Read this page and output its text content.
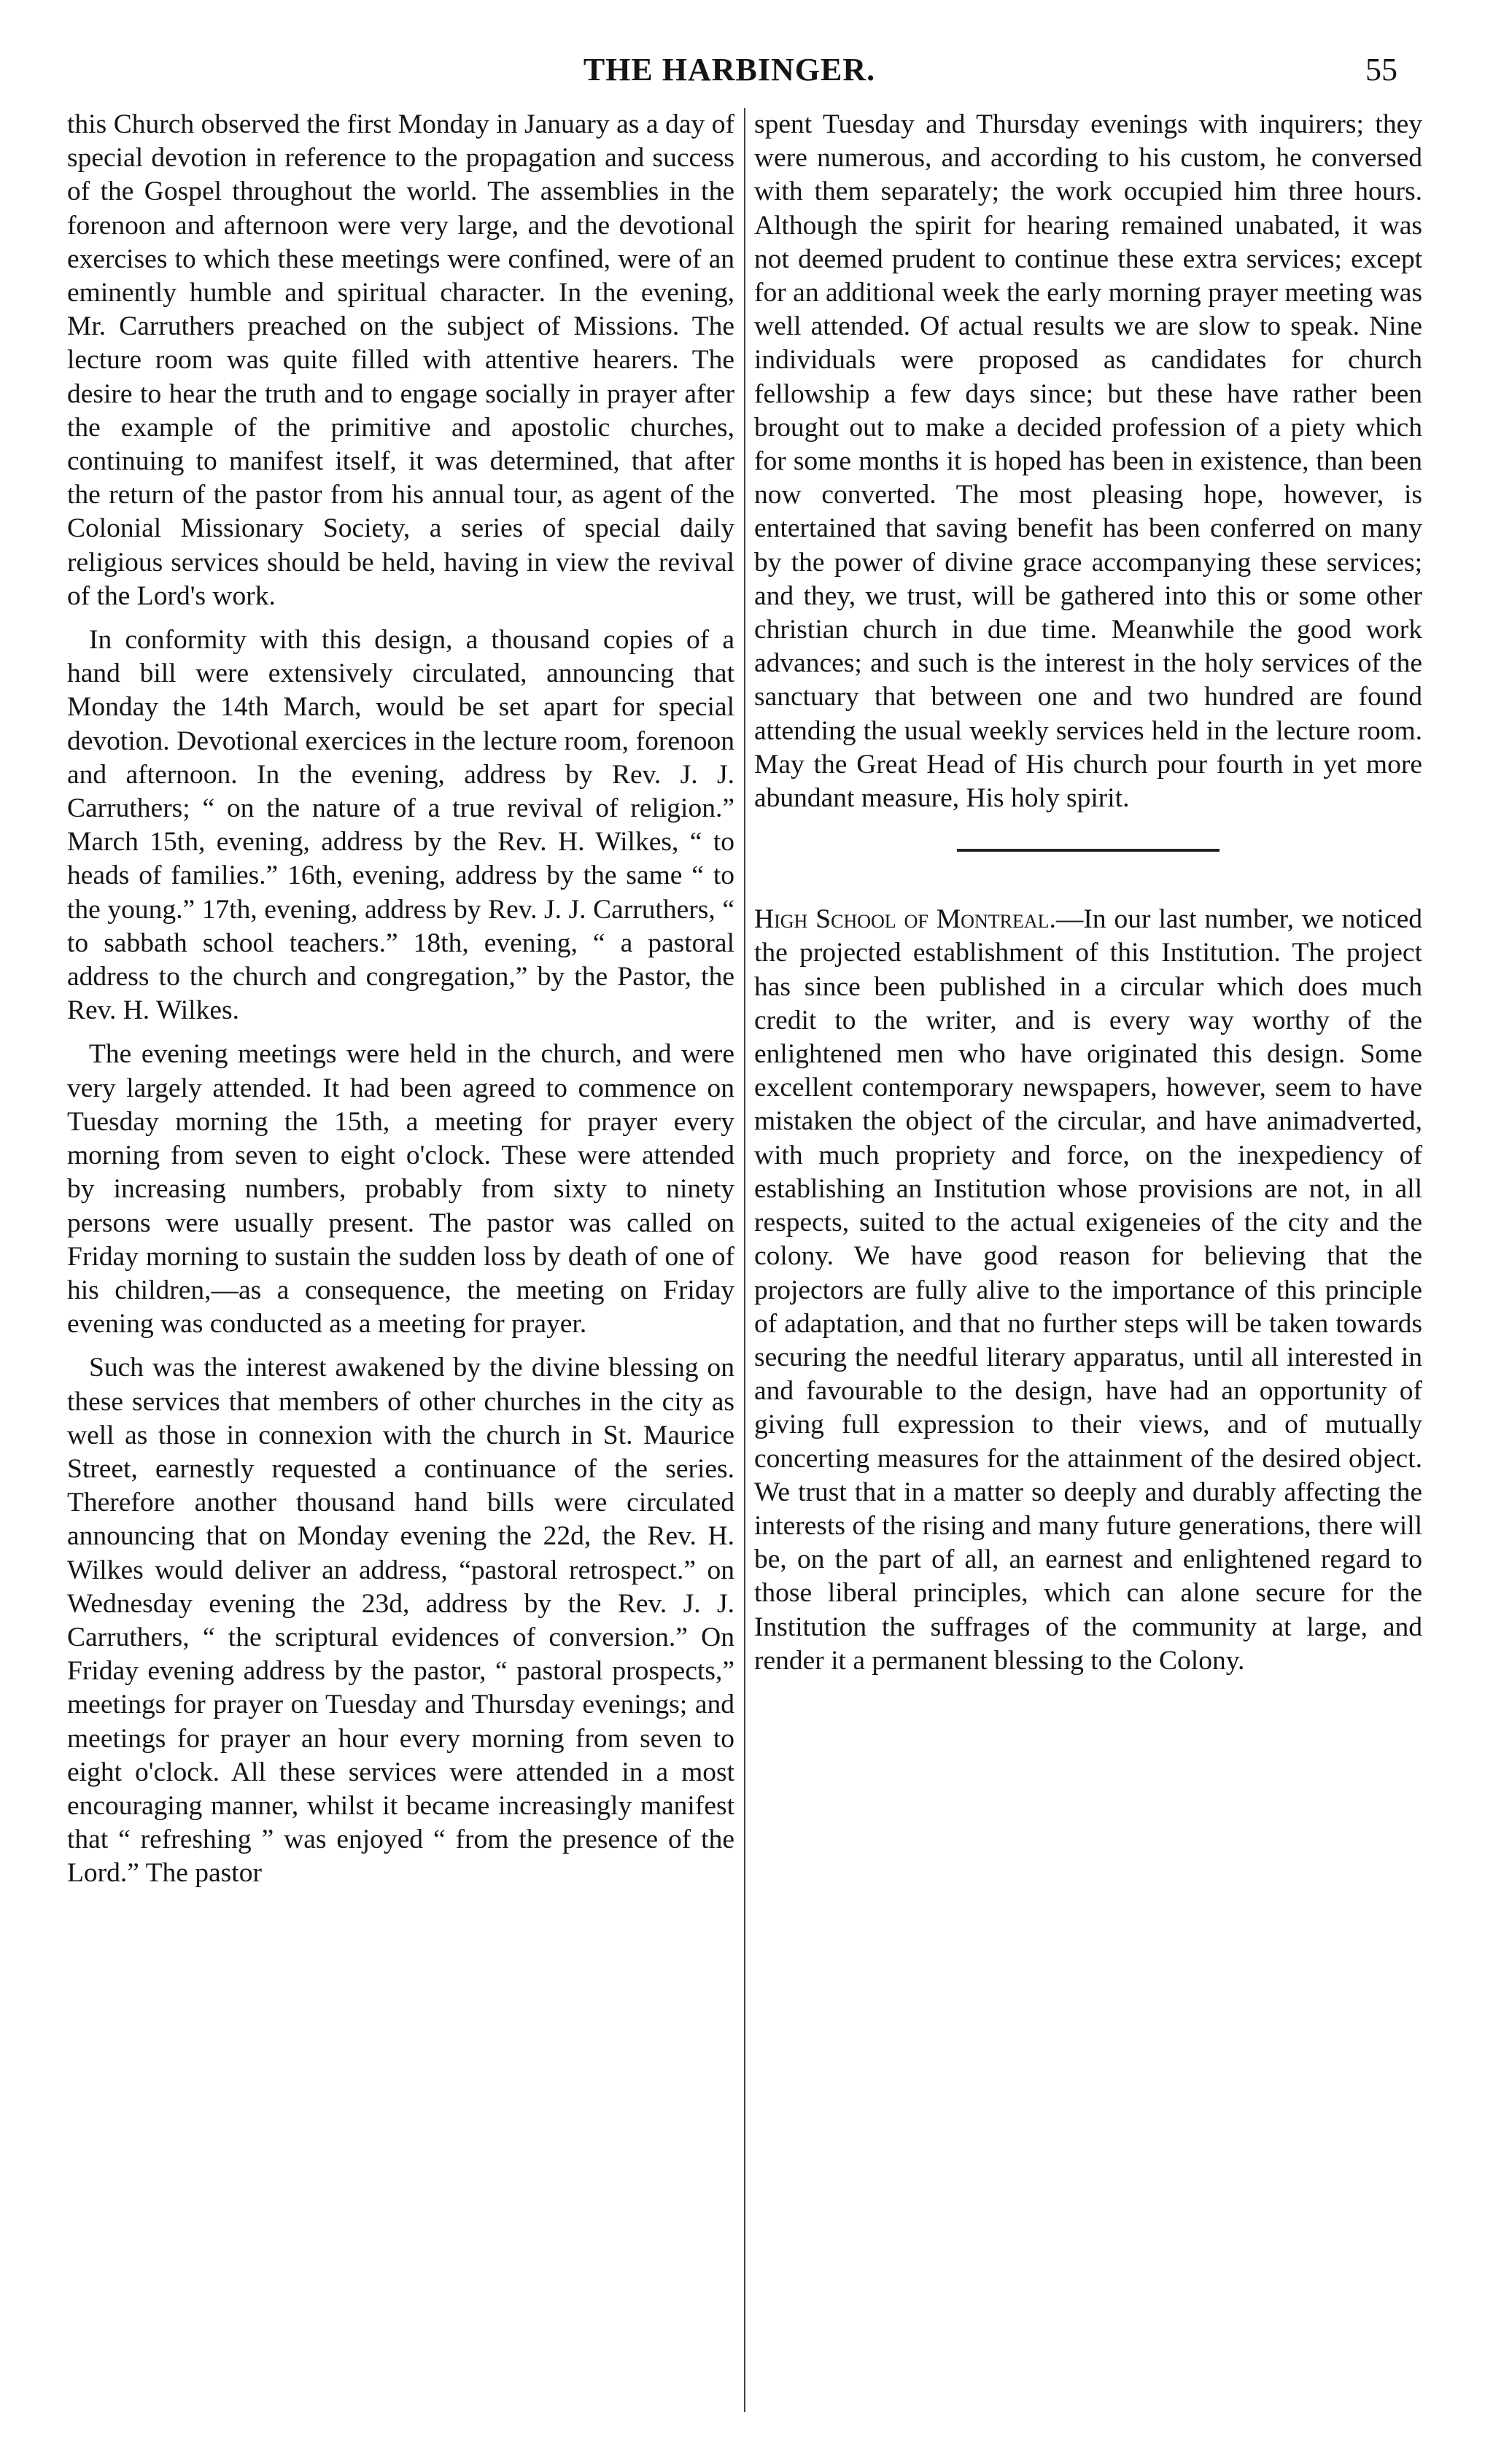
THE HARBINGER.	55

this Church observed the first Monday in January as a day of special devotion in reference to the propagation and success of the Gospel throughout the world. The assemblies in the forenoon and afternoon were very large, and the devotional exercises to which these meetings were confined, were of an eminently humble and spiritual character. In the evening, Mr. Carruthers preached on the subject of Missions. The lecture room was quite filled with attentive hearers. The desire to hear the truth and to engage socially in prayer after the example of the primitive and apostolic churches, continuing to manifest itself, it was determined, that after the return of the pastor from his annual tour, as agent of the Colonial Missionary Society, a series of special daily religious services should be held, having in view the revival of the Lord's work.

In conformity with this design, a thousand copies of a hand bill were extensively circulated, announcing that Monday the 14th March, would be set apart for special devotion. Devotional exercices in the lecture room, forenoon and afternoon. In the evening, address by Rev. J. J. Carruthers; “ on the nature of a true revival of religion.” March 15th, evening, address by the Rev. H. Wilkes, “ to heads of families.” 16th, evening, address by the same “ to the young.” 17th, evening, address by Rev. J. J. Carruthers, “ to sabbath school teachers.” 18th, evening, “ a pastoral address to the church and congregation,” by the Pastor, the Rev. H. Wilkes.

The evening meetings were held in the church, and were very largely attended. It had been agreed to commence on Tuesday morning the 15th, a meeting for prayer every morning from seven to eight o'clock. These were attended by increasing numbers, probably from sixty to ninety persons were usually present. The pastor was called on Friday morning to sustain the sudden loss by death of one of his children,—as a consequence, the meeting on Friday evening was conducted as a meeting for prayer.

Such was the interest awakened by the divine blessing on these services that members of other churches in the city as well as those in connexion with the church in St. Maurice Street, earnestly requested a continuance of the series. Therefore another thousand hand bills were circulated announcing that on Monday evening the 22d, the Rev. H. Wilkes would deliver an address, “pastoral retrospect.” on Wednesday evening the 23d, address by the Rev. J. J. Carruthers, “ the scriptural evidences of conversion.” On Friday evening address by the pastor, “ pastoral prospects,” meetings for prayer on Tuesday and Thursday evenings; and meetings for prayer an hour every morning from seven to eight o'clock. All these services were attended in a most encouraging manner, whilst it became increasingly manifest that “ refreshing ” was enjoyed “ from the presence of the Lord.” The pastor

spent Tuesday and Thursday evenings with inquirers; they were numerous, and according to his custom, he conversed with them separately; the work occupied him three hours. Although the spirit for hearing remained unabated, it was not deemed prudent to continue these extra services; except for an additional week the early morning prayer meeting was well attended. Of actual results we are slow to speak. Nine individuals were proposed as candidates for church fellowship a few days since; but these have rather been brought out to make a decided profession of a piety which for some months it is hoped has been in existence, than been now converted. The most pleasing hope, however, is entertained that saving benefit has been conferred on many by the power of divine grace accompanying these services; and they, we trust, will be gathered into this or some other christian church in due time. Meanwhile the good work advances; and such is the interest in the holy services of the sanctuary that between one and two hundred are found attending the usual weekly services held in the lecture room. May the Great Head of His church pour fourth in yet more abundant measure, His holy spirit.

High School of Montreal.—In our last number, we noticed the projected establishment of this Institution. The project has since been published in a circular which does much credit to the writer, and is every way worthy of the enlightened men who have originated this design. Some excellent contemporary newspapers, however, seem to have mistaken the object of the circular, and have animadverted, with much propriety and force, on the inexpediency of establishing an Institution whose provisions are not, in all respects, suited to the actual exigeneies of the city and the colony. We have good reason for believing that the projectors are fully alive to the importance of this principle of adaptation, and that no further steps will be taken towards securing the needful literary apparatus, until all interested in and favourable to the design, have had an opportunity of giving full expression to their views, and of mutually concerting measures for the attainment of the desired object. We trust that in a matter so deeply and durably affecting the interests of the rising and many future generations, there will be, on the part of all, an earnest and enlightened regard to those liberal principles, which can alone secure for the Institution the suffrages of the community at large, and render it a permanent blessing to the Colony.
